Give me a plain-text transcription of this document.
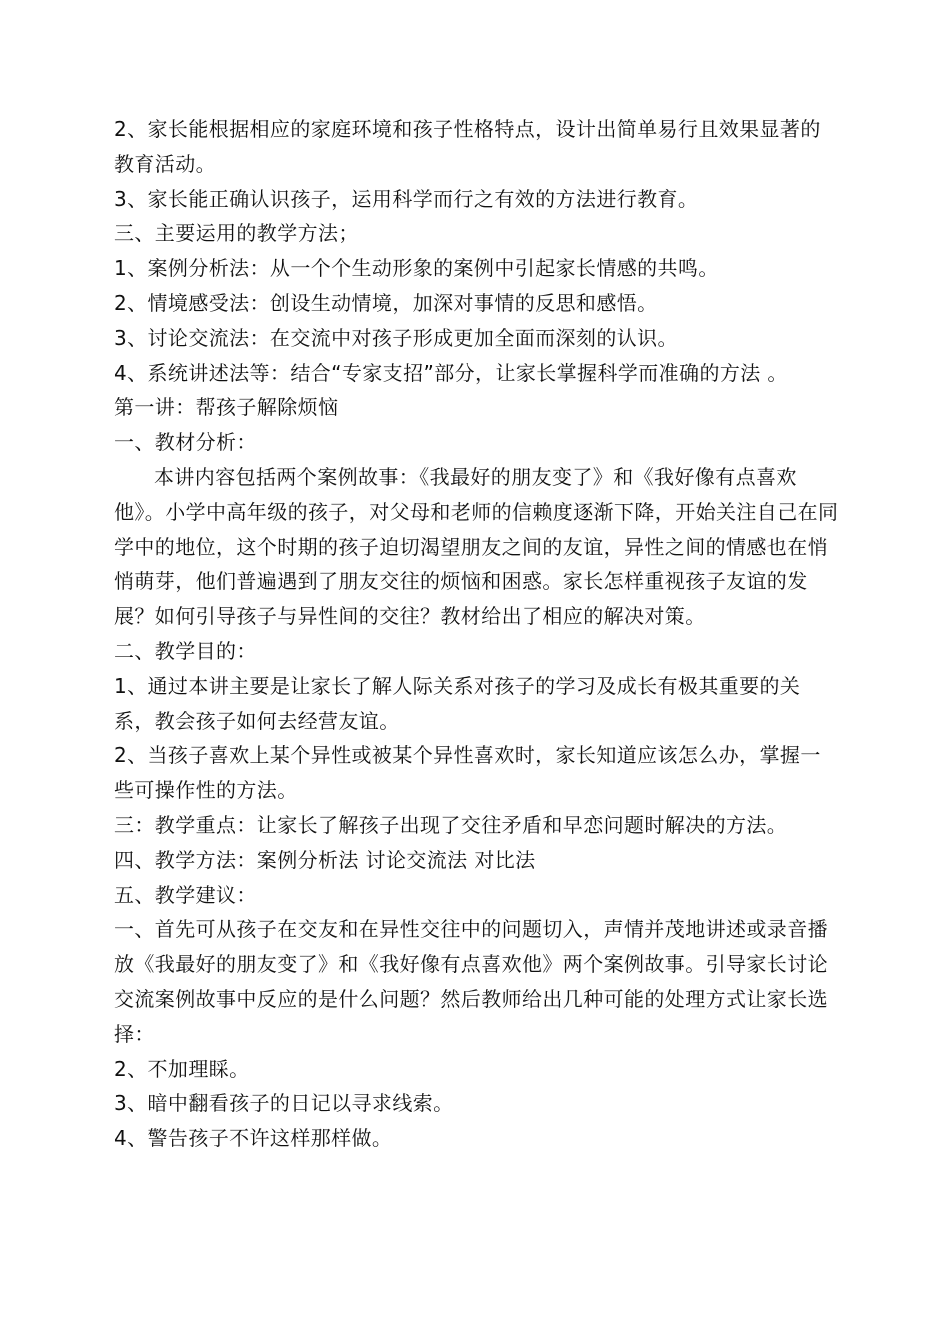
2、家长能根据相应的家庭环境和孩子性格特点，设计出简单易行且效果显著的教育活动。

3、家长能正确认识孩子，运用科学而行之有效的方法进行教育。

三、主要运用的教学方法；

1、案例分析法：从一个个生动形象的案例中引起家长情感的共鸣。

2、情境感受法：创设生动情境，加深对事情的反思和感悟。

3、讨论交流法：在交流中对孩子形成更加全面而深刻的认识。

4、系统讲述法等：结合“专家支招”部分，让家长掌握科学而准确的方法 。

第一讲：帮孩子解除烦恼

一、教材分析：

本讲内容包括两个案例故事：《我最好的朋友变了》和《我好像有点喜欢他》。小学中高年级的孩子，对父母和老师的信赖度逐渐下降，开始关注自己在同学中的地位，这个时期的孩子迫切渴望朋友之间的友谊，异性之间的情感也在悄悄萌芽，他们普遍遇到了朋友交往的烦恼和困惑。家长怎样重视孩子友谊的发展？如何引导孩子与异性间的交往？教材给出了相应的解决对策。

二、教学目的：

1、通过本讲主要是让家长了解人际关系对孩子的学习及成长有极其重要的关系，教会孩子如何去经营友谊。

2、当孩子喜欢上某个异性或被某个异性喜欢时，家长知道应该怎么办，掌握一些可操作性的方法。

三：教学重点：让家长了解孩子出现了交往矛盾和早恋问题时解决的方法。

四、教学方法：案例分析法 讨论交流法 对比法

五、教学建议：

一、首先可从孩子在交友和在异性交往中的问题切入，声情并茂地讲述或录音播放《我最好的朋友变了》和《我好像有点喜欢他》两个案例故事。引导家长讨论交流案例故事中反应的是什么问题？然后教师给出几种可能的处理方式让家长选择：

2、不加理睬。

3、暗中翻看孩子的日记以寻求线索。

4、警告孩子不许这样那样做。
